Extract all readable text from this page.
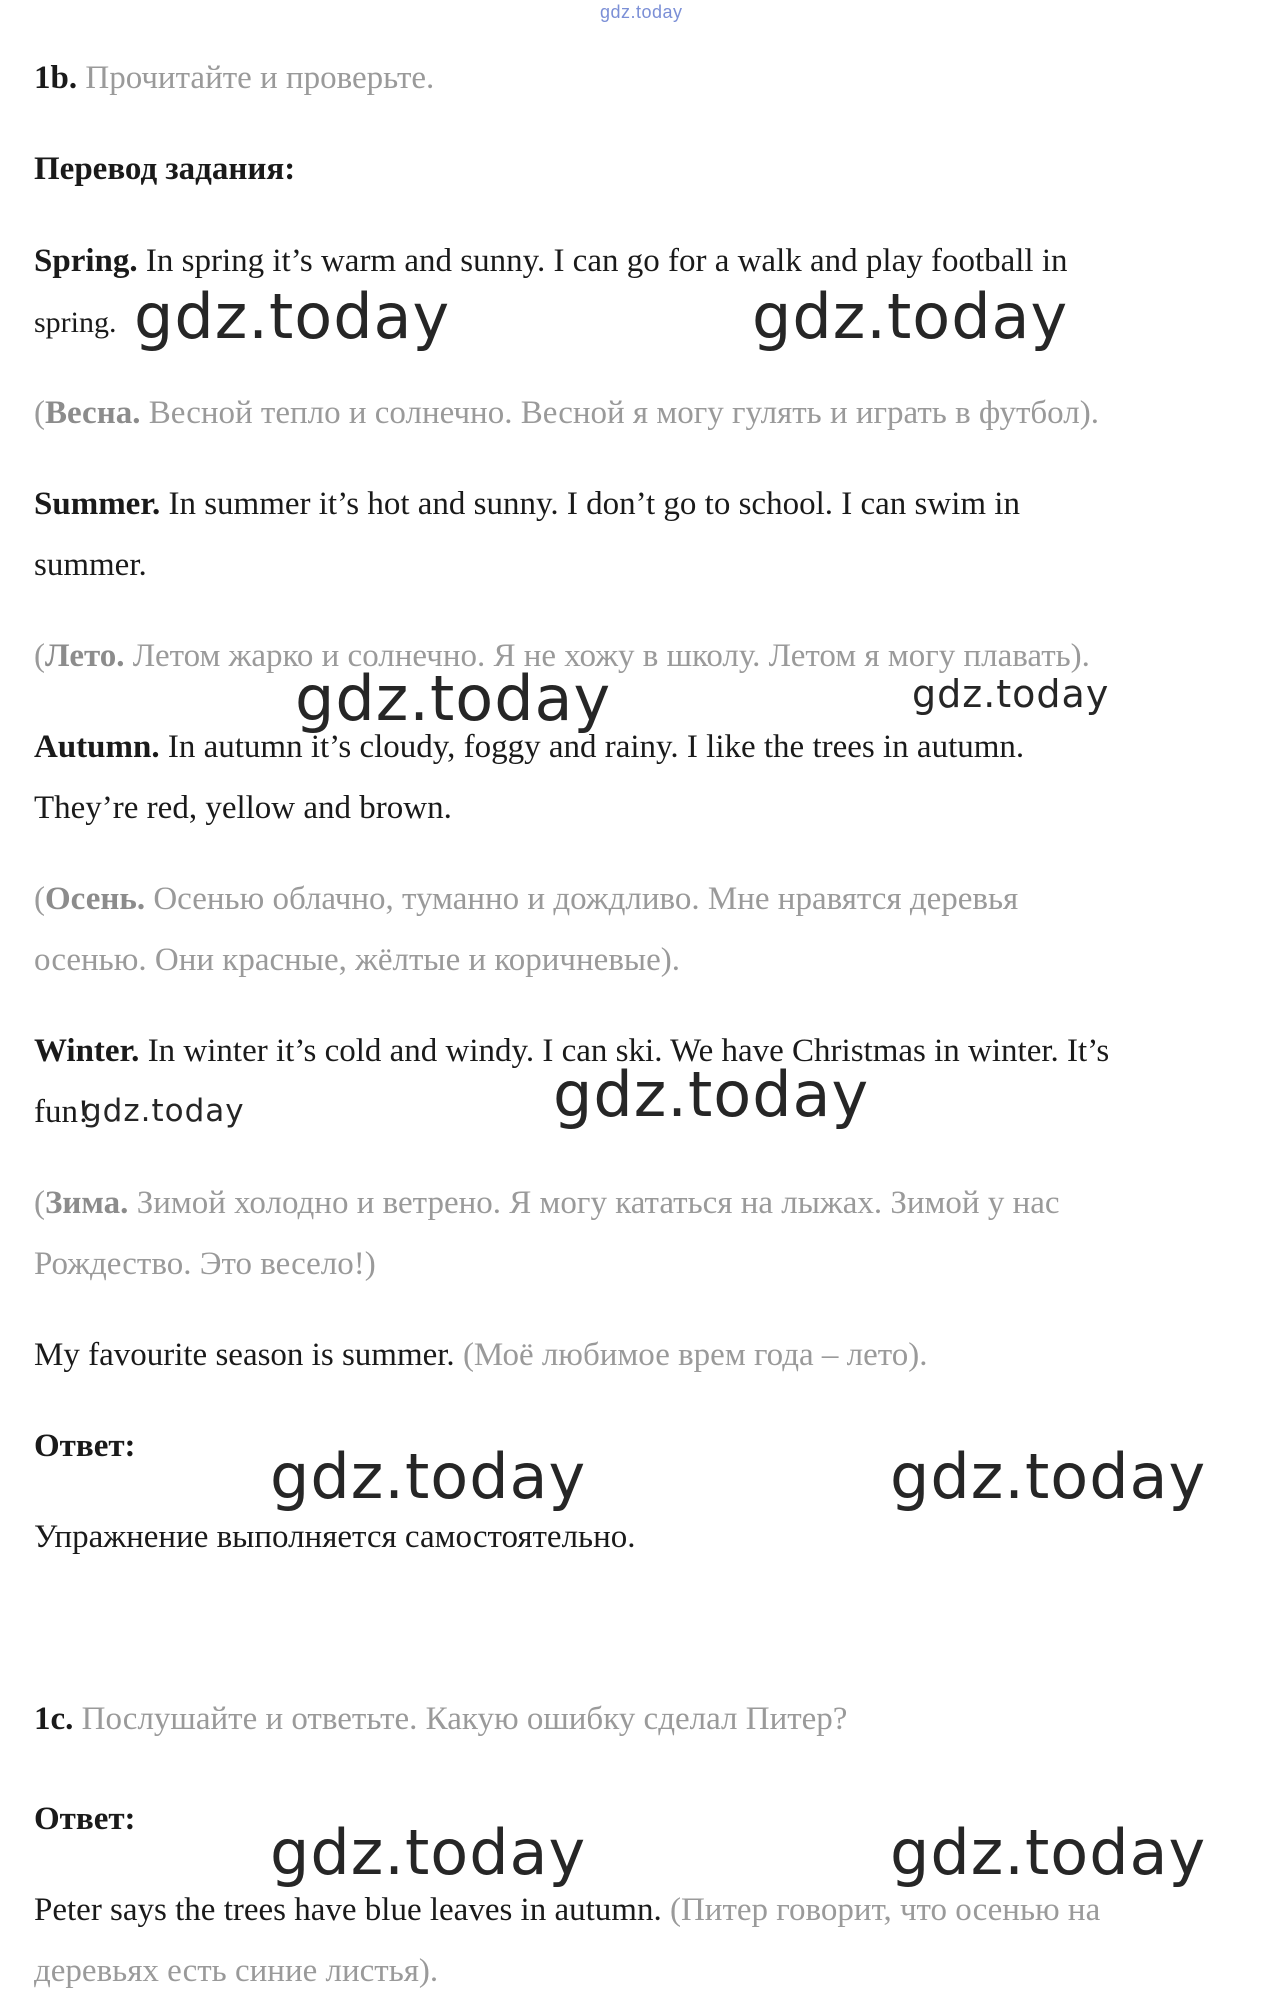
gdz.today
1b. Прочитайте и проверьте.
Перевод задания:
Spring. In spring it’s warm and sunny. I can go for a walk and play football in
spring.
(Весна. Весной тепло и солнечно. Весной я могу гулять и играть в футбол).
Summer. In summer it’s hot and sunny. I don’t go to school. I can swim in
summer.
(Лето. Летом жарко и солнечно. Я не хожу в школу. Летом я могу плавать).
Autumn. In autumn it’s cloudy, foggy and rainy. I like the trees in autumn.
They’re red, yellow and brown.
(Осень. Осенью облачно, туманно и дождливо. Мне нравятся деревья
осенью. Они красные, жёлтые и коричневые).
Winter. In winter it’s cold and windy. I can ski. We have Christmas in winter. It’s
fun!
(Зима. Зимой холодно и ветрено. Я могу кататься на лыжах. Зимой у нас
Рождество. Это весело!)
My favourite season is summer. (Моё любимое врем года – лето).
Ответ:
Упражнение выполняется самостоятельно.
1c. Послушайте и ответьте. Какую ошибку сделал Питер?
Ответ:
Peter says the trees have blue leaves in autumn. (Питер говорит, что осенью на
деревьях есть синие листья).
gdz.today	gdz.today
gdz.today	gdz.today
gdz.today	gdz.today
gdz.today	gdz.today
gdz.today	gdz.today
